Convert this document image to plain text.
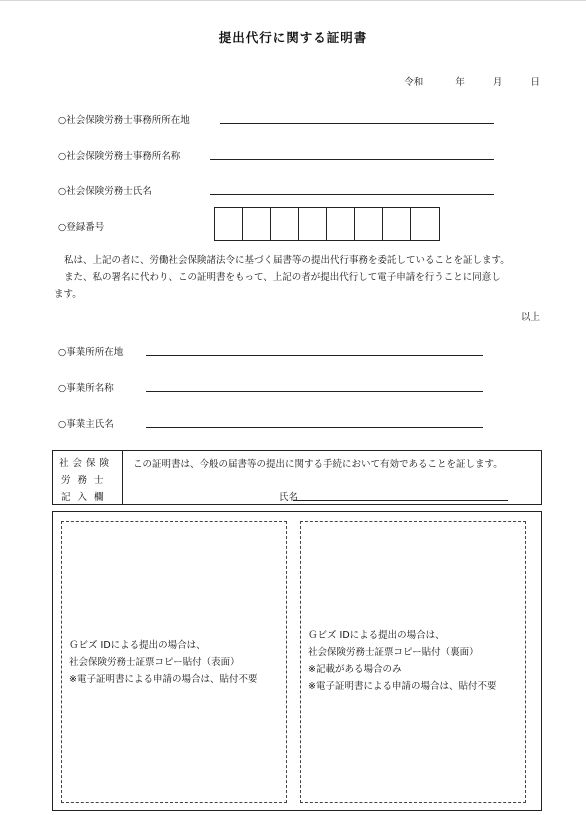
提出代行に関する証明書
令和	年	月	日
○社会保険労務士事務所所在地
○社会保険労務士事務所名称
○社会保険労務士氏名
○登録番号
私は、上記の者に、労働社会保険諸法令に基づく届書等の提出代行事務を委託していることを証します。
また、私の署名に代わり、この証明書をもって、上記の者が提出代行して電子申請を行うことに同意し
ます。
以上
○事業所所在地
○事業所名称
○事業主氏名
社会保険
労務士
記入欄
この証明書は、今般の届書等の提出に関する手続において有効であることを証します。
氏名
Ｇビズ IDによる提出の場合は、
社会保険労務士証票コピー貼付（表面）
※電子証明書による申請の場合は、貼付不要
Ｇビズ IDによる提出の場合は、
社会保険労務士証票コピー貼付（裏面）
※記載がある場合のみ
※電子証明書による申請の場合は、貼付不要
